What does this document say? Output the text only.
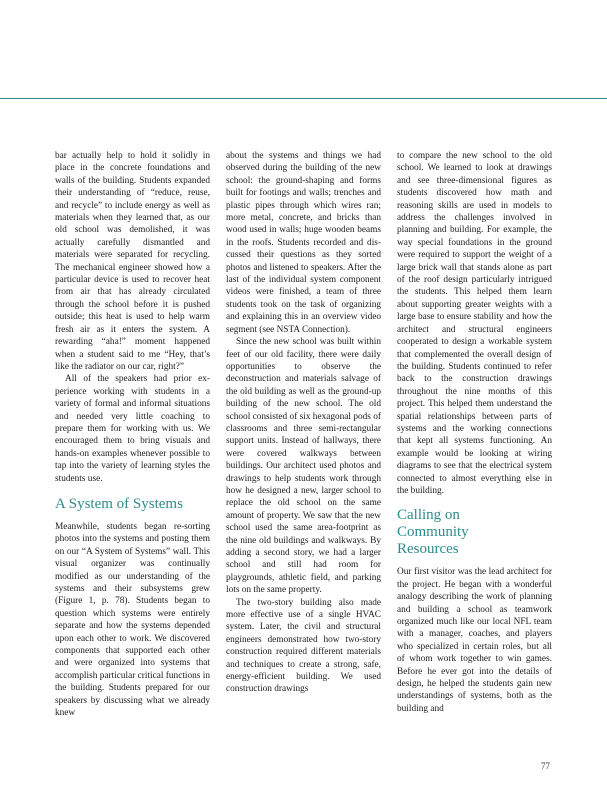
bar actually help to hold it solidly in place in the concrete foundations and walls of the building. Students expanded their understanding of “reduce, reuse, and recycle” to include energy as well as materials when they learned that, as our old school was demolished, it was actually carefully dismantled and materials were separated for recycling. The mechanical engineer showed how a particular device is used to recover heat from air that has already circulated through the school before it is pushed outside; this heat is used to help warm fresh air as it enters the system. A rewarding “aha!” moment happened when a student said to me “Hey, that’s like the radiator on our car, right?”

All of the speakers had prior experience working with students in a variety of formal and informal situations and needed very little coaching to prepare them for working with us. We encouraged them to bring visuals and hands-on examples whenever possible to tap into the variety of learning styles the students use.

A System of Systems

Meanwhile, students began re-sorting photos into the systems and posting them on our “A System of Systems” wall. This visual organizer was continually modified as our understanding of the systems and their subsystems grew (Figure 1, p. 78). Students began to question which systems were entirely separate and how the systems depended upon each other to work. We discovered components that supported each other and were organized into systems that accomplish particular critical functions in the building. Students prepared for our speakers by discussing what we already knew

about the systems and things we had observed during the building of the new school: the ground-shaping and forms built for footings and walls; trenches and plastic pipes through which wires ran; more metal, concrete, and bricks than wood used in walls; huge wooden beams in the roofs. Students recorded and discussed their questions as they sorted photos and listened to speakers. After the last of the individual system component videos were finished, a team of three students took on the task of organizing and explaining this in an overview video segment (see NSTA Connection).

Since the new school was built within feet of our old facility, there were daily opportunities to observe the deconstruction and materials salvage of the old building as well as the ground-up building of the new school. The old school consisted of six hexagonal pods of classrooms and three semi-rectangular support units. Instead of hallways, there were covered walkways between buildings. Our architect used photos and drawings to help students work through how he designed a new, larger school to replace the old school on the same amount of property. We saw that the new school used the same area-footprint as the nine old buildings and walkways. By adding a second story, we had a larger school and still had room for playgrounds, athletic field, and parking lots on the same property.

The two-story building also made more effective use of a single HVAC system. Later, the civil and structural engineers demonstrated how two-story construction required different materials and techniques to create a strong, safe, energy-efficient building. We used construction drawings

to compare the new school to the old school. We learned to look at drawings and see three-dimensional figures as students discovered how math and reasoning skills are used in models to address the challenges involved in planning and building. For example, the way special foundations in the ground were required to support the weight of a large brick wall that stands alone as part of the roof design particularly intrigued the students. This helped them learn about supporting greater weights with a large base to ensure stability and how the architect and structural engineers cooperated to design a workable system that complemented the overall design of the building. Students continued to refer back to the construction drawings throughout the nine months of this project. This helped them understand the spatial relationships between parts of systems and the working connections that kept all systems functioning. An example would be looking at wiring diagrams to see that the electrical system connected to almost everything else in the building.

Calling on
Community
Resources

Our first visitor was the lead architect for the project. He began with a wonderful analogy describing the work of planning and building a school as teamwork organized much like our local NFL team with a manager, coaches, and players who specialized in certain roles, but all of whom work together to win games. Before he ever got into the details of design, he helped the students gain new understandings of systems, both as the building and

77
